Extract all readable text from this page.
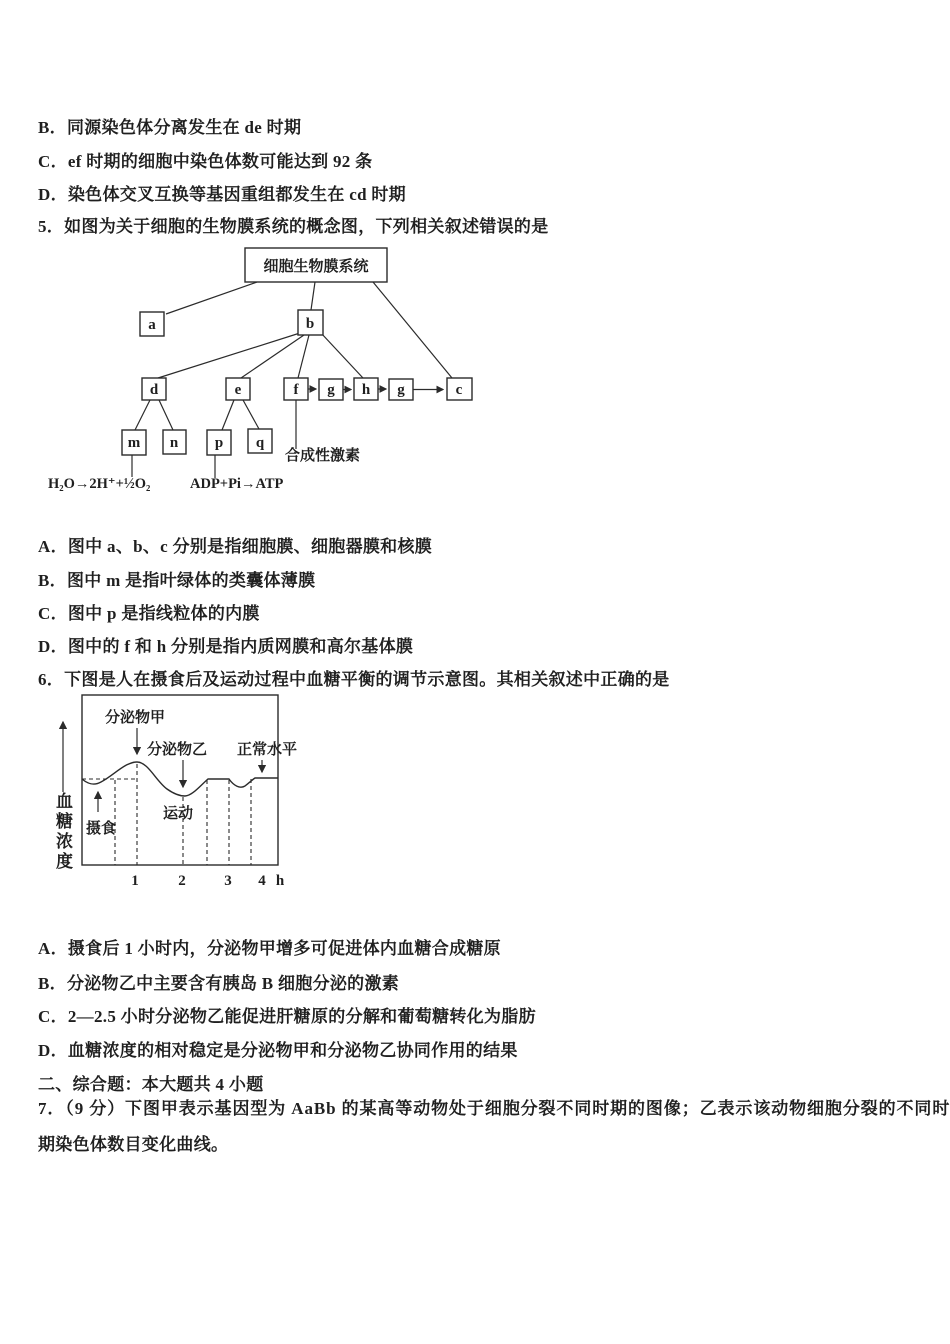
B．同源染色体分离发生在 de 时期

C．ef 时期的细胞中染色体数可能达到 92 条

D．染色体交叉互换等基因重组都发生在 cd 时期

5．如图为关于细胞的生物膜系统的概念图，下列相关叙述错误的是

细胞生物膜系统
a	b
d	e	f g h g	c
m n p q
合成性激素
H₂O→2H⁺+½O₂	ADP+Pi→ATP

A．图中 a、b、c 分别是指细胞膜、细胞器膜和核膜

B．图中 m 是指叶绿体的类囊体薄膜

C．图中 p 是指线粒体的内膜

D．图中的 f 和 h 分别是指内质网膜和高尔基体膜

6．下图是人在摄食后及运动过程中血糖平衡的调节示意图。其相关叙述中正确的是

血糖浓度
分泌物甲
分泌物乙 正常水平
摄食
运动
1	2	3 4 h

A．摄食后 1 小时内，分泌物甲增多可促进体内血糖合成糖原

B．分泌物乙中主要含有胰岛 B 细胞分泌的激素

C．2—2.5 小时分泌物乙能促进肝糖原的分解和葡萄糖转化为脂肪

D．血糖浓度的相对稳定是分泌物甲和分泌物乙协同作用的结果

二、综合题：本大题共 4 小题

7．（9 分）下图甲表示基因型为 AaBb 的某高等动物处于细胞分裂不同时期的图像；乙表示该动物细胞分裂的不同时

期染色体数目变化曲线。
